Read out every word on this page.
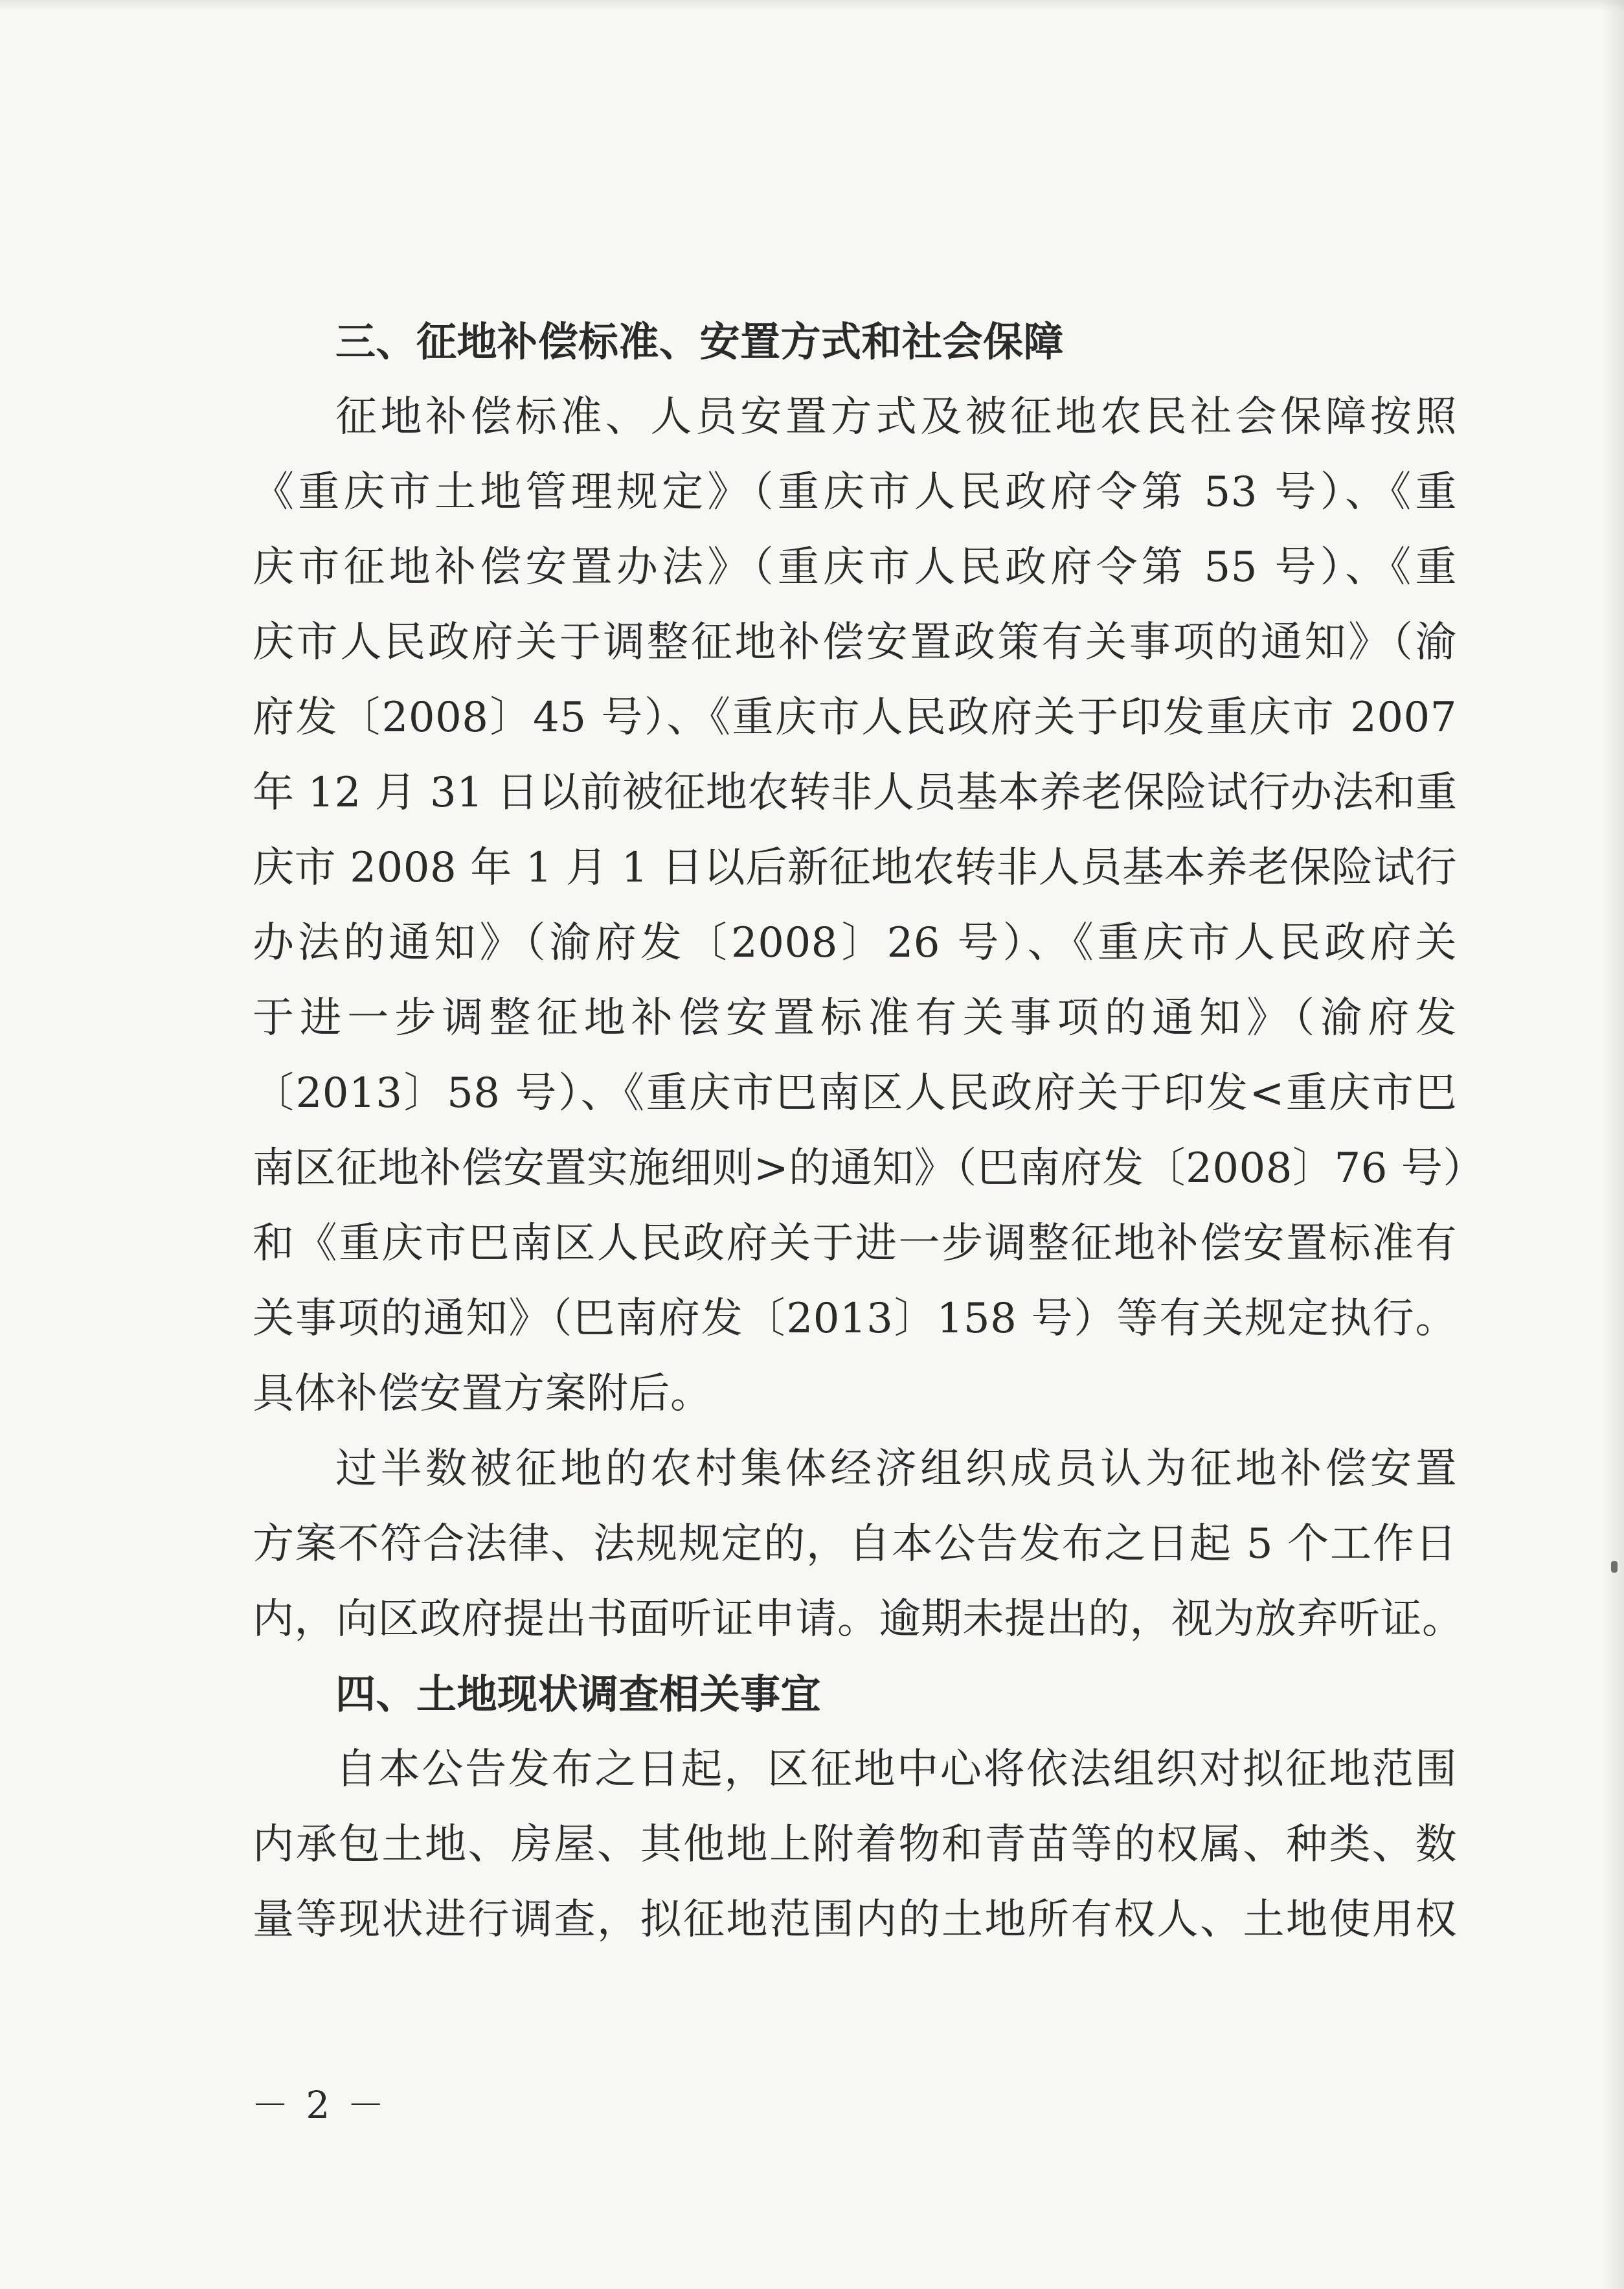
三、征地补偿标准、安置方式和社会保障
征地补偿标准、人员安置方式及被征地农民社会保障按照
《重庆市土地管理规定》（重庆市人民政府令第 53 号）、《重
庆市征地补偿安置办法》（重庆市人民政府令第 55 号）、《重
庆市人民政府关于调整征地补偿安置政策有关事项的通知》（渝
府发〔2008〕45 号）、《重庆市人民政府关于印发重庆市 2007
年 12 月 31 日以前被征地农转非人员基本养老保险试行办法和重
庆市 2008 年 1 月 1 日以后新征地农转非人员基本养老保险试行
办法的通知》（渝府发〔2008〕26 号）、《重庆市人民政府关
于进一步调整征地补偿安置标准有关事项的通知》（渝府发
〔2013〕58 号）、《重庆市巴南区人民政府关于印发<重庆市巴
南区征地补偿安置实施细则>的通知》（巴南府发〔2008〕76 号）
和《重庆市巴南区人民政府关于进一步调整征地补偿安置标准有
关事项的通知》（巴南府发〔2013〕158 号）等有关规定执行。
具体补偿安置方案附后。
过半数被征地的农村集体经济组织成员认为征地补偿安置
方案不符合法律、法规规定的，自本公告发布之日起 5 个工作日
内，向区政府提出书面听证申请。逾期未提出的，视为放弃听证。
四、土地现状调查相关事宜
自本公告发布之日起，区征地中心将依法组织对拟征地范围
内承包土地、房屋、其他地上附着物和青苗等的权属、种类、数
量等现状进行调查，拟征地范围内的土地所有权人、土地使用权
－ 2 －
